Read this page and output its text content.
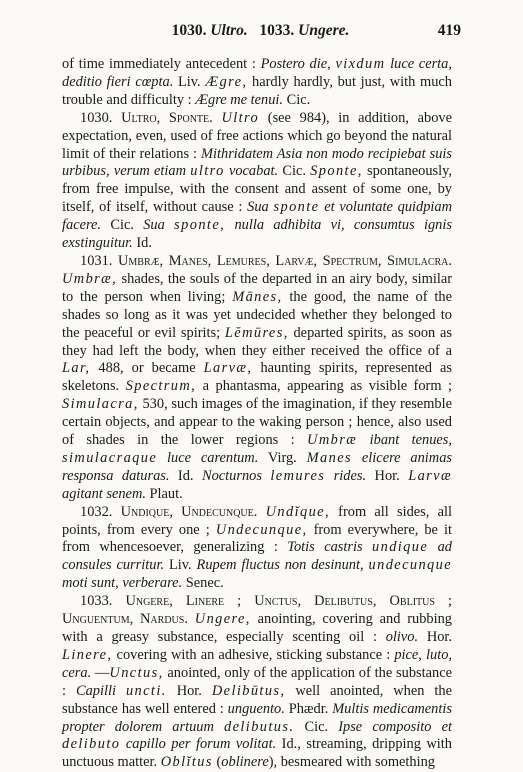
1030. Ultro. 1033. Ungere.	419

of time immediately antecedent : Postero die, vixdum luce certa, deditio fieri cœpta. Liv. Ægre, hardly hardly, but just, with much trouble and difficulty : Ægre me tenui. Cic.

1030. Ultro, Sponte. Ultro (see 984), in addition, above expectation, even, used of free actions which go beyond the natural limit of their relations : Mithridatem Asia non modo recipiebat suis urbibus, verum etiam ultro vocabat. Cic. Sponte, spontaneously, from free impulse, with the consent and assent of some one, by itself, of itself, without cause : Sua sponte et voluntate quidpiam facere. Cic. Sua sponte, nulla adhibita vi, consumtus ignis exstinguitur. Id.

1031. Umbræ, Manes, Lemures, Larvæ, Spectrum, Simulacra. Umbræ, shades, the souls of the departed in an airy body, similar to the person when living; Mānes, the good, the name of the shades so long as it was yet undecided whether they belonged to the peaceful or evil spirits; Lĕmūres, departed spirits, as soon as they had left the body, when they either received the office of a Lar, 488, or became Larvæ, haunting spirits, represented as skeletons. Spectrum, a phantasma, appearing as visible form ; Simulacra, 530, such images of the imagination, if they resemble certain objects, and appear to the waking person ; hence, also used of shades in the lower regions : Umbræ ibant tenues, simulacraque luce carentum. Virg. Manes elicere animas responsa daturas. Id. Nocturnos lemures rides. Hor. Larvæ agitant senem. Plaut.

1032. Undique, Undecunque. Undĭque, from all sides, all points, from every one ; Undecunque, from everywhere, be it from whencesoever, generalizing : Totis castris undique ad consules curritur. Liv. Rupem fluctus non desinunt, undecunque moti sunt, verberare. Senec.

1033. Ungere, Linere ; Unctus, Delibutus, Oblitus ; Unguentum, Nardus. Ungere, anointing, covering and rubbing with a greasy substance, especially scenting oil : olivo. Hor. Linere, covering with an adhesive, sticking substance : pice, luto, cera. —Unctus, anointed, only of the application of the substance : Capilli uncti. Hor. Delibūtus, well anointed, when the substance has well entered : unguento. Phædr. Multis medicamentis propter dolorem artuum delibutus. Cic. Ipse composito et delibuto capillo per forum volitat. Id., streaming, dripping with unctuous matter. Oblĭtus (oblinere), besmeared with something
